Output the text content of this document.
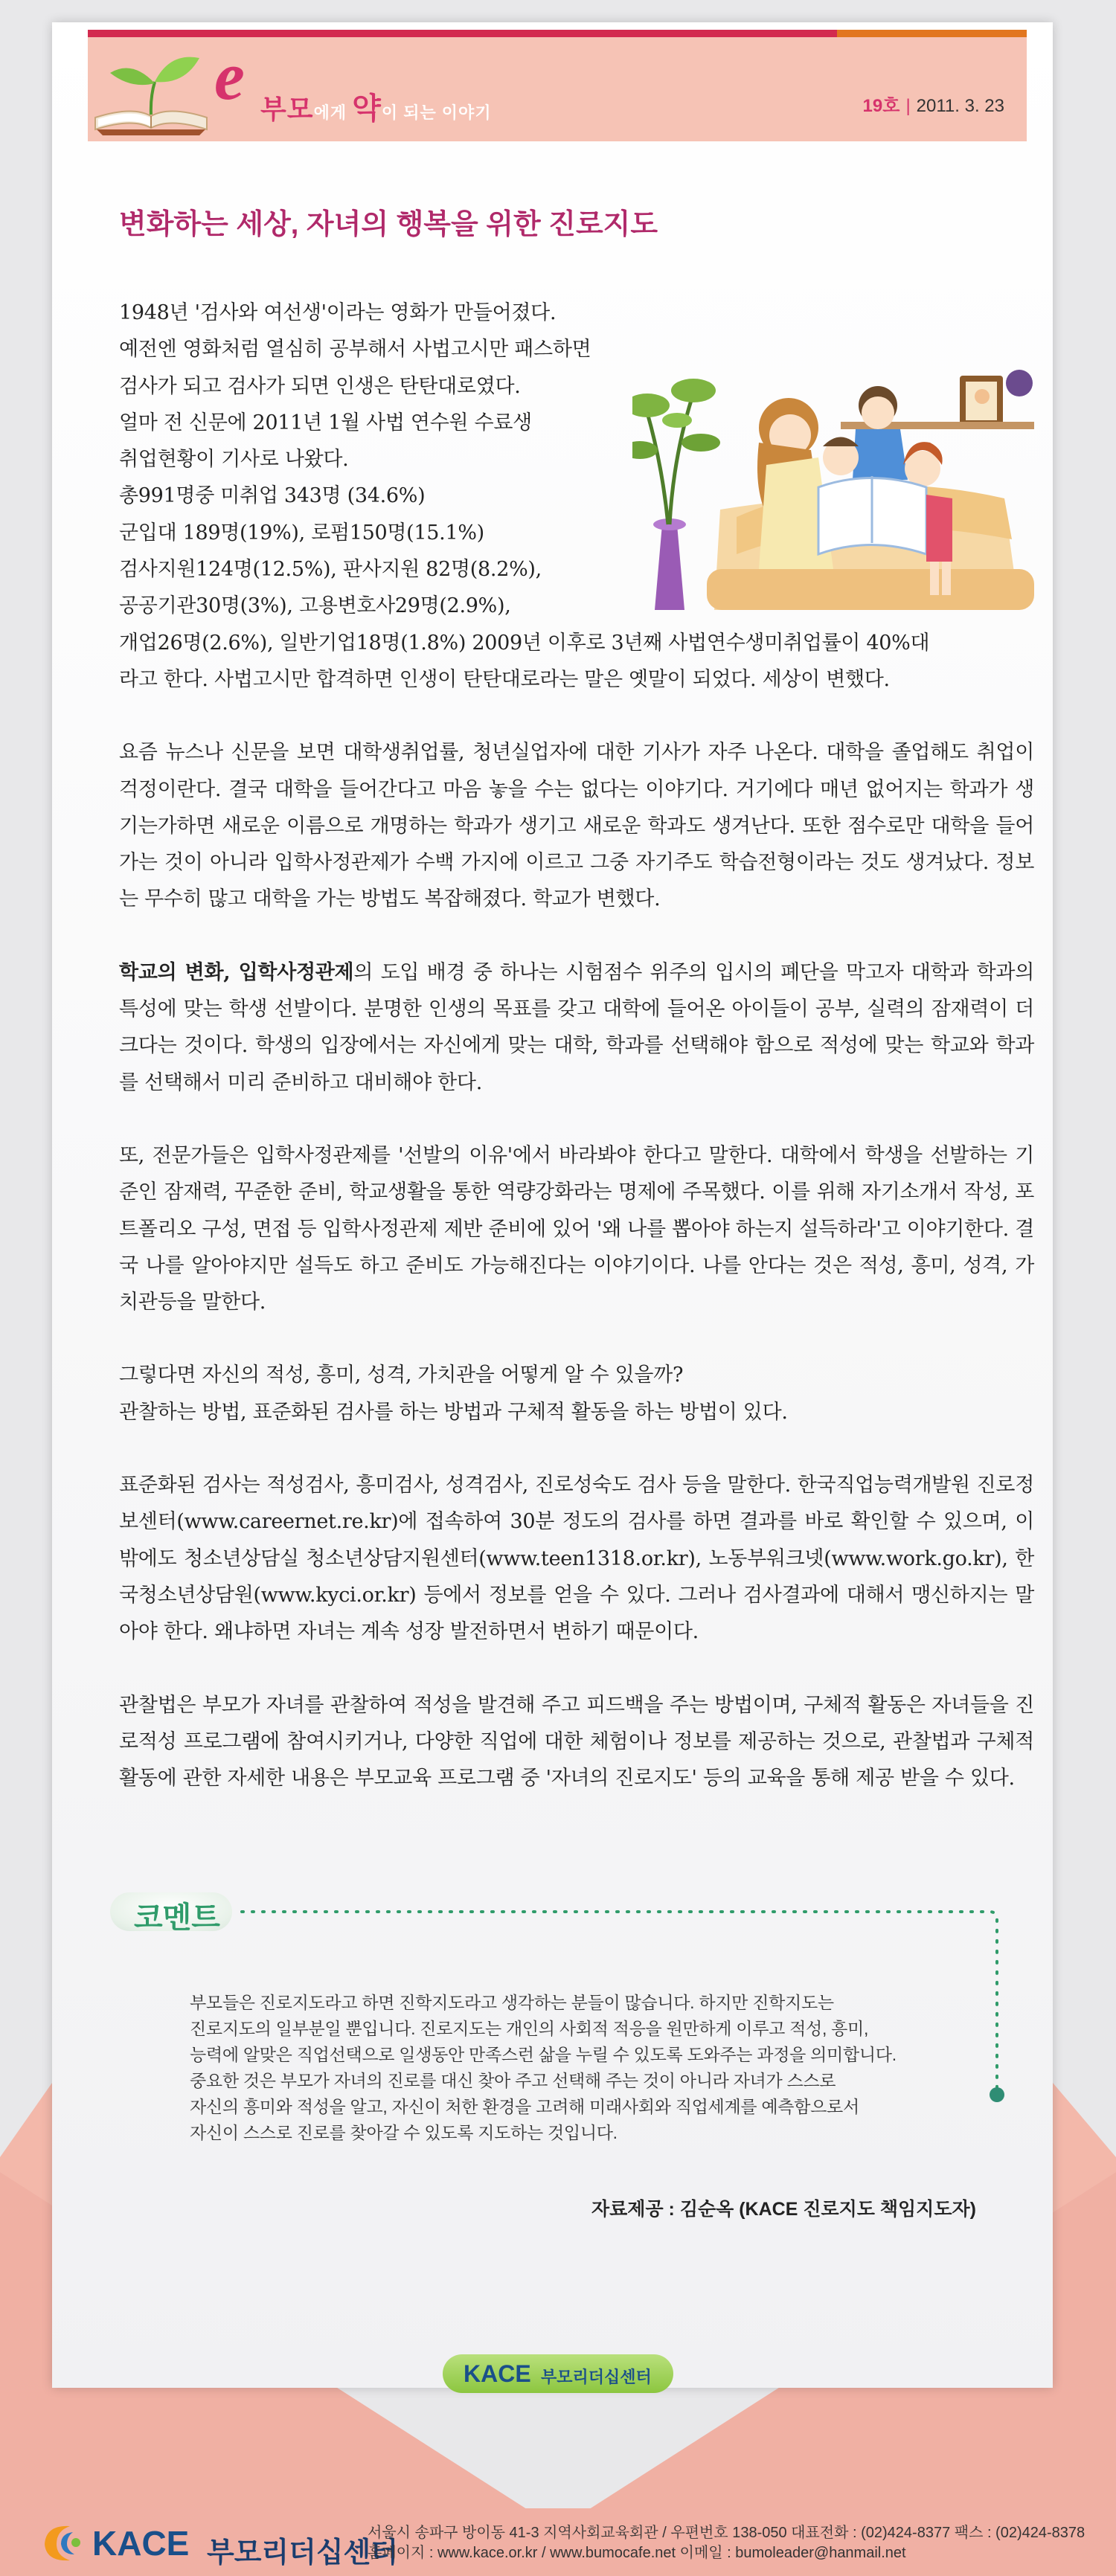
e 부모에게 약이 되는 이야기	19호 | 2011. 3. 23
변화하는 세상, 자녀의 행복을 위한 진로지도
1948년 '검사와 여선생'이라는 영화가 만들어졌다.
예전엔 영화처럼 열심히 공부해서 사법고시만 패스하면
검사가 되고 검사가 되면 인생은 탄탄대로였다.
얼마 전 신문에 2011년 1월 사법 연수원 수료생
취업현황이 기사로 나왔다.
총991명중 미취업 343명 (34.6%)
군입대 189명(19%), 로펌150명(15.1%)
검사지원124명(12.5%), 판사지원 82명(8.2%),
공공기관30명(3%), 고용변호사29명(2.9%),
개업26명(2.6%), 일반기업18명(1.8%) 2009년 이후로 3년째 사법연수생미취업률이 40%대
라고 한다. 사법고시만 합격하면 인생이 탄탄대로라는 말은 옛말이 되었다. 세상이 변했다.

요즘 뉴스나 신문을 보면 대학생취업률, 청년실업자에 대한 기사가 자주 나온다. 대학을 졸업해도 취업이 걱정이란다. 결국 대학을 들어간다고 마음 놓을 수는 없다는 이야기다. 거기에다 매년 없어지는 학과가 생기는가하면 새로운 이름으로 개명하는 학과가 생기고 새로운 학과도 생겨난다. 또한 점수로만 대학을 들어가는 것이 아니라 입학사정관제가 수백 가지에 이르고 그중 자기주도 학습전형이라는 것도 생겨났다. 정보는 무수히 많고 대학을 가는 방법도 복잡해졌다. 학교가 변했다.

학교의 변화, 입학사정관제의 도입 배경 중 하나는 시험점수 위주의 입시의 폐단을 막고자 대학과 학과의 특성에 맞는 학생 선발이다. 분명한 인생의 목표를 갖고 대학에 들어온 아이들이 공부, 실력의 잠재력이 더 크다는 것이다. 학생의 입장에서는 자신에게 맞는 대학, 학과를 선택해야 함으로 적성에 맞는 학교와 학과를 선택해서 미리 준비하고 대비해야 한다.

또, 전문가들은 입학사정관제를 '선발의 이유'에서 바라봐야 한다고 말한다. 대학에서 학생을 선발하는 기준인 잠재력, 꾸준한 준비, 학교생활을 통한 역량강화라는 명제에 주목했다. 이를 위해 자기소개서 작성, 포트폴리오 구성, 면접 등 입학사정관제 제반 준비에 있어 '왜 나를 뽑아야 하는지 설득하라'고 이야기한다. 결국 나를 알아야지만 설득도 하고 준비도 가능해진다는 이야기이다. 나를 안다는 것은 적성, 흥미, 성격, 가치관등을 말한다.

그렇다면 자신의 적성, 흥미, 성격, 가치관을 어떻게 알 수 있을까?
관찰하는 방법, 표준화된 검사를 하는 방법과 구체적 활동을 하는 방법이 있다.

표준화된 검사는 적성검사, 흥미검사, 성격검사, 진로성숙도 검사 등을 말한다. 한국직업능력개발원 진로정보센터(www.careernet.re.kr)에 접속하여 30분 정도의 검사를 하면 결과를 바로 확인할 수 있으며, 이 밖에도 청소년상담실 청소년상담지원센터(www.teen1318.or.kr), 노동부워크넷(www.work.go.kr), 한국청소년상담원(www.kyci.or.kr) 등에서 정보를 얻을 수 있다. 그러나 검사결과에 대해서 맹신하지는 말아야 한다. 왜냐하면 자녀는 계속 성장 발전하면서 변하기 때문이다.

관찰법은 부모가 자녀를 관찰하여 적성을 발견해 주고 피드백을 주는 방법이며, 구체적 활동은 자녀들을 진로적성 프로그램에 참여시키거나, 다양한 직업에 대한 체험이나 정보를 제공하는 것으로, 관찰법과 구체적 활동에 관한 자세한 내용은 부모교육 프로그램 중 '자녀의 진로지도' 등의 교육을 통해 제공 받을 수 있다.

코멘트
부모들은 진로지도라고 하면 진학지도라고 생각하는 분들이 많습니다. 하지만 진학지도는
진로지도의 일부분일 뿐입니다. 진로지도는 개인의 사회적 적응을 원만하게 이루고 적성, 흥미,
능력에 알맞은 직업선택으로 일생동안 만족스런 삶을 누릴 수 있도록 도와주는 과정을 의미합니다.
중요한 것은 부모가 자녀의 진로를 대신 찾아 주고 선택해 주는 것이 아니라 자녀가 스스로
자신의 흥미와 적성을 알고, 자신이 처한 환경을 고려해 미래사회와 직업세계를 예측함으로서
자신이 스스로 진로를 찾아갈 수 있도록 지도하는 것입니다.
자료제공 : 김순옥 (KACE 진로지도 책임지도자)
KACE 부모리더십센터
KACE 부모리더십센터
서울시 송파구 방이동 41-3 지역사회교육회관 / 우편번호 138-050 대표전화 : (02)424-8377 팩스 : (02)424-8378
홈페이지 : www.kace.or.kr / www.bumocafe.net 이메일 : bumoleader@hanmail.net
